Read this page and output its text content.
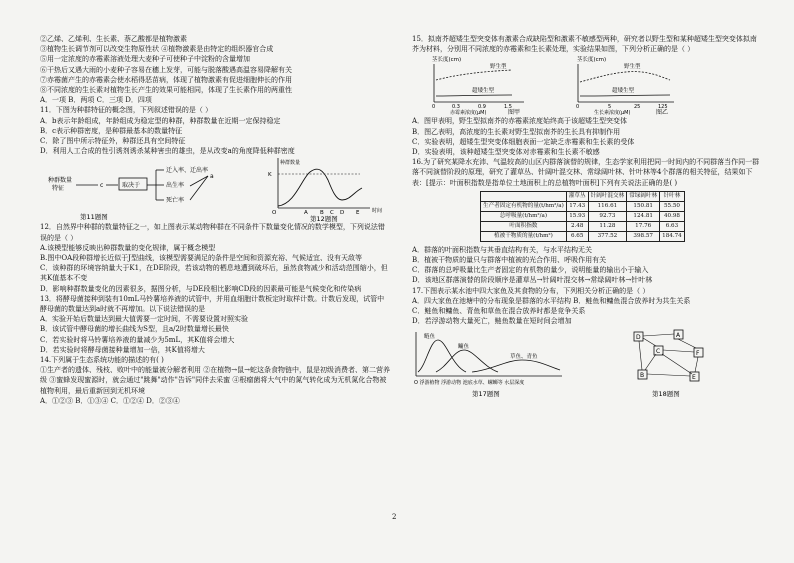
②乙烯、乙烯利、生长素、萘乙酸都是植物激素

③植物生长调节剂可以改变生物原性状 ④植物激素是由特定的组织器官合成

⑤用一定浓度的赤霉素溶液处理大麦种子可使种子中淀粉的含量增加

⑥干热后又遇大雨的小麦种子容易在穗上发芽，可能与脱落酸遇高温容易降解有关

⑦赤霉菌产生的赤霉素会使水稻得恶苗病，体现了植物激素有促进细胞伸长的作用

⑧不同浓度的生长素对植物生长产生的效果可能相同，体现了生长素作用的两重性

A．一项 B．两项 C．三项 D．四项

11．下图为种群特征的概念图，下列叙述错误的是（ ）

A．b表示年龄组成，年龄组成为稳定型的种群，种群数量在近期一定保持稳定

B．c表示种群密度，是种群最基本的数量特征

C．除了图中所示特征外，种群还具有空间特征

D．利用人工合成的性引诱剂诱杀某种害虫的雄虫，是从改变a的角度降低种群密度

种群数量
特征	c	取决于
迁入率、迁出率
出生率
死亡率
a
第11题图
K
O	A B C D E	时间
种群数量
第12题图

12．自然界中种群的数量特征之一，如上图表示某动物种群在不同条件下数量变化情况的数学模型，下列说法错误的是（ ）

A.该模型能够反映出种群数量的变化规律，属于概念模型

B.图中OA段种群增长近似于J型曲线，该模型需要满足的条件是空间和资源充裕、气候适宜、没有天敌等

C．该种群的环境容纳量大于K1，在DE阶段，若该动物的栖息地遭到破坏后，虽然食物减少和活动范围缩小，但其K值基本不变

D．影响种群数量变化的因素很多，据图分析，与DE段相比影响CD段的因素最可能是气候变化和传染病

13．将酵母菌接种到装有10mL马铃薯培养液的试管中，并用血细胞计数板定时取样计数。计数后发现，试管中酵母菌的数量达到a时就不再增加。以下说法错误的是

A．实验开始后数量达到最大值需要一定时间，不需要设置对照实验

B．该试管中酵母菌的增长曲线为S型，且a/2时数量增长最快

C．若实验时将马铃薯培养液的量减少为5mL，其K值将会增大

D．若实验时将酵母菌接种量增加一倍，其K值将增大

14.下列属于生态系统功能的描述的有( )

①生产者的遗体、残枝、败叶中的能量被分解者利用 ②在植物→鼠→蛇这条食物链中，鼠是初级消费者、第二营养级 ③蜜蜂发现蜜源时，就会通过"跳舞"动作"告诉"同伴去采蜜 ④根瘤菌将大气中的氮气转化成为无机氮化合物被植物利用，最后重新回到无机环境

A．①②③ B．①③④ C．①②④ D．②③④

15．拟南芥超矮生型突变体有激素合成缺陷型和激素不敏感型两种，研究者以野生型和某种超矮生型突变体拟南芥为材料，分别用不同浓度的赤霉素和生长素处理，实验结果如图，下列分析正确的是（ ）

茎长度(cm)
野生型
超矮生型
0	0.3	0.9	1.5
赤霉素浓度(μM)	图甲
茎长度(cm)
野生型
超矮生型
0	5	25	125
生长素浓度(μM)	图乙

A．图甲表明，野生型拟南芥的赤霉素浓度始终高于该超矮生型突变体

B．图乙表明，高浓度的生长素对野生型拟南芥的生长具有抑制作用

C．实验表明，超矮生型突变体细胞表面一定缺乏赤霉素和生长素的受体

D．实验表明，该种超矮生型突变体对赤霉素和生长素不敏感

16.为了研究某降水充沛、气温较高的山区内群落演替的规律，生态学家利用把同一时间内的不同群落当作同一群落不同演替阶段的原理，研究了灌草丛、针阔叶混交林、常绿阔叶林、针叶林等4个群落的相关特征，结果如下表：[提示：叶面积指数是指单位土地面积上的总植物叶面积]下列有关说法正确的是( )

	灌草丛	针阔叶混交林	常绿阔叶林	针叶林
生产者固定有机物的量(t/hm²/a)	17.43	116.61	150.81	55.50
总呼吸量(t/hm²/a)	15.93	92.73	124.81	40.98
叶面积指数	2.48	11.28	17.76	6.63
植被干物质的量(t/hm²)	6.65	377.52	398.57	184.74

A．群落的叶面积指数与其垂直结构有关，与水平结构无关

B．植被干物质的量只与群落中植被的光合作用、呼吸作用有关

C．群落的总呼吸量比生产者固定的有机物的量少，说明能量的输出小于输入

D．该地区群落演替的阶段顺序是灌草丛→针阔叶混交林→常绿阔叶林→针叶林

17.下图表示某水池中四大家鱼及其食物的分布，下列相关分析正确的是（ ）

A．四大家鱼在池塘中的分布现象是群落的水平结构 B．鲢鱼和鳙鱼混合放养时为共生关系

C．鲢鱼和鳙鱼、青鱼和草鱼在混合放养时都是竞争关系

D．若浮游动物大量死亡，鲢鱼数量在短时间会增加

鲢鱼
鳙鱼
草鱼、青鱼
O 浮游植物 浮游动物 池底水草、螺蛳等 水层深度
第17题图
D	A
C	F
B	E
第18题图
2
